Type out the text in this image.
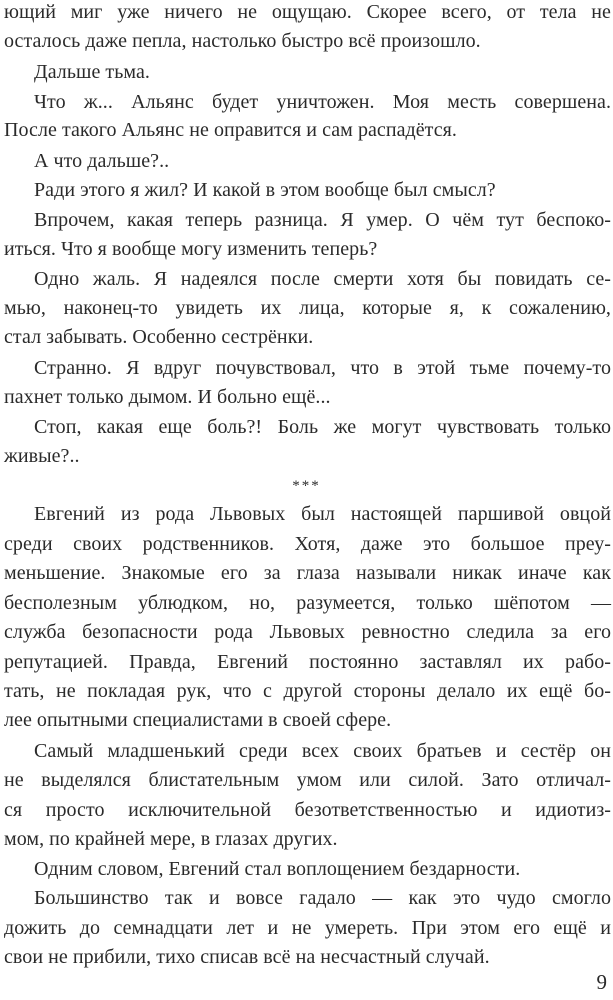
ющий миг уже ничего не ощущаю. Скорее всего, от тела не
осталось даже пепла, настолько быстро всё произошло.
Дальше тьма.
Что ж... Альянс будет уничтожен. Моя месть совершена.
После такого Альянс не оправится и сам распадётся.
А что дальше?..
Ради этого я жил? И какой в этом вообще был смысл?
Впрочем, какая теперь разница. Я умер. О чём тут беспоко-
иться. Что я вообще могу изменить теперь?
Одно жаль. Я надеялся после смерти хотя бы повидать се-
мью, наконец-то увидеть их лица, которые я, к сожалению,
стал забывать. Особенно сестрёнки.
Странно. Я вдруг почувствовал, что в этой тьме почему-то
пахнет только дымом. И больно ещё...
Стоп, какая еще боль?! Боль же могут чувствовать только
живые?..
***
Евгений из рода Львовых был настоящей паршивой овцой
среди своих родственников. Хотя, даже это большое преу-
меньшение. Знакомые его за глаза называли никак иначе как
бесполезным ублюдком, но, разумеется, только шёпотом —
служба безопасности рода Львовых ревностно следила за его
репутацией. Правда, Евгений постоянно заставлял их рабо-
тать, не покладая рук, что с другой стороны делало их ещё бо-
лее опытными специалистами в своей сфере.
Самый младшенький среди всех своих братьев и сестёр он
не выделялся блистательным умом или силой. Зато отличал-
ся просто исключительной безответственностью и идиотиз-
мом, по крайней мере, в глазах других.
Одним словом, Евгений стал воплощением бездарности.
Большинство так и вовсе гадало — как это чудо смогло
дожить до семнадцати лет и не умереть. При этом его ещё и
свои не прибили, тихо списав всё на несчастный случай.
9
